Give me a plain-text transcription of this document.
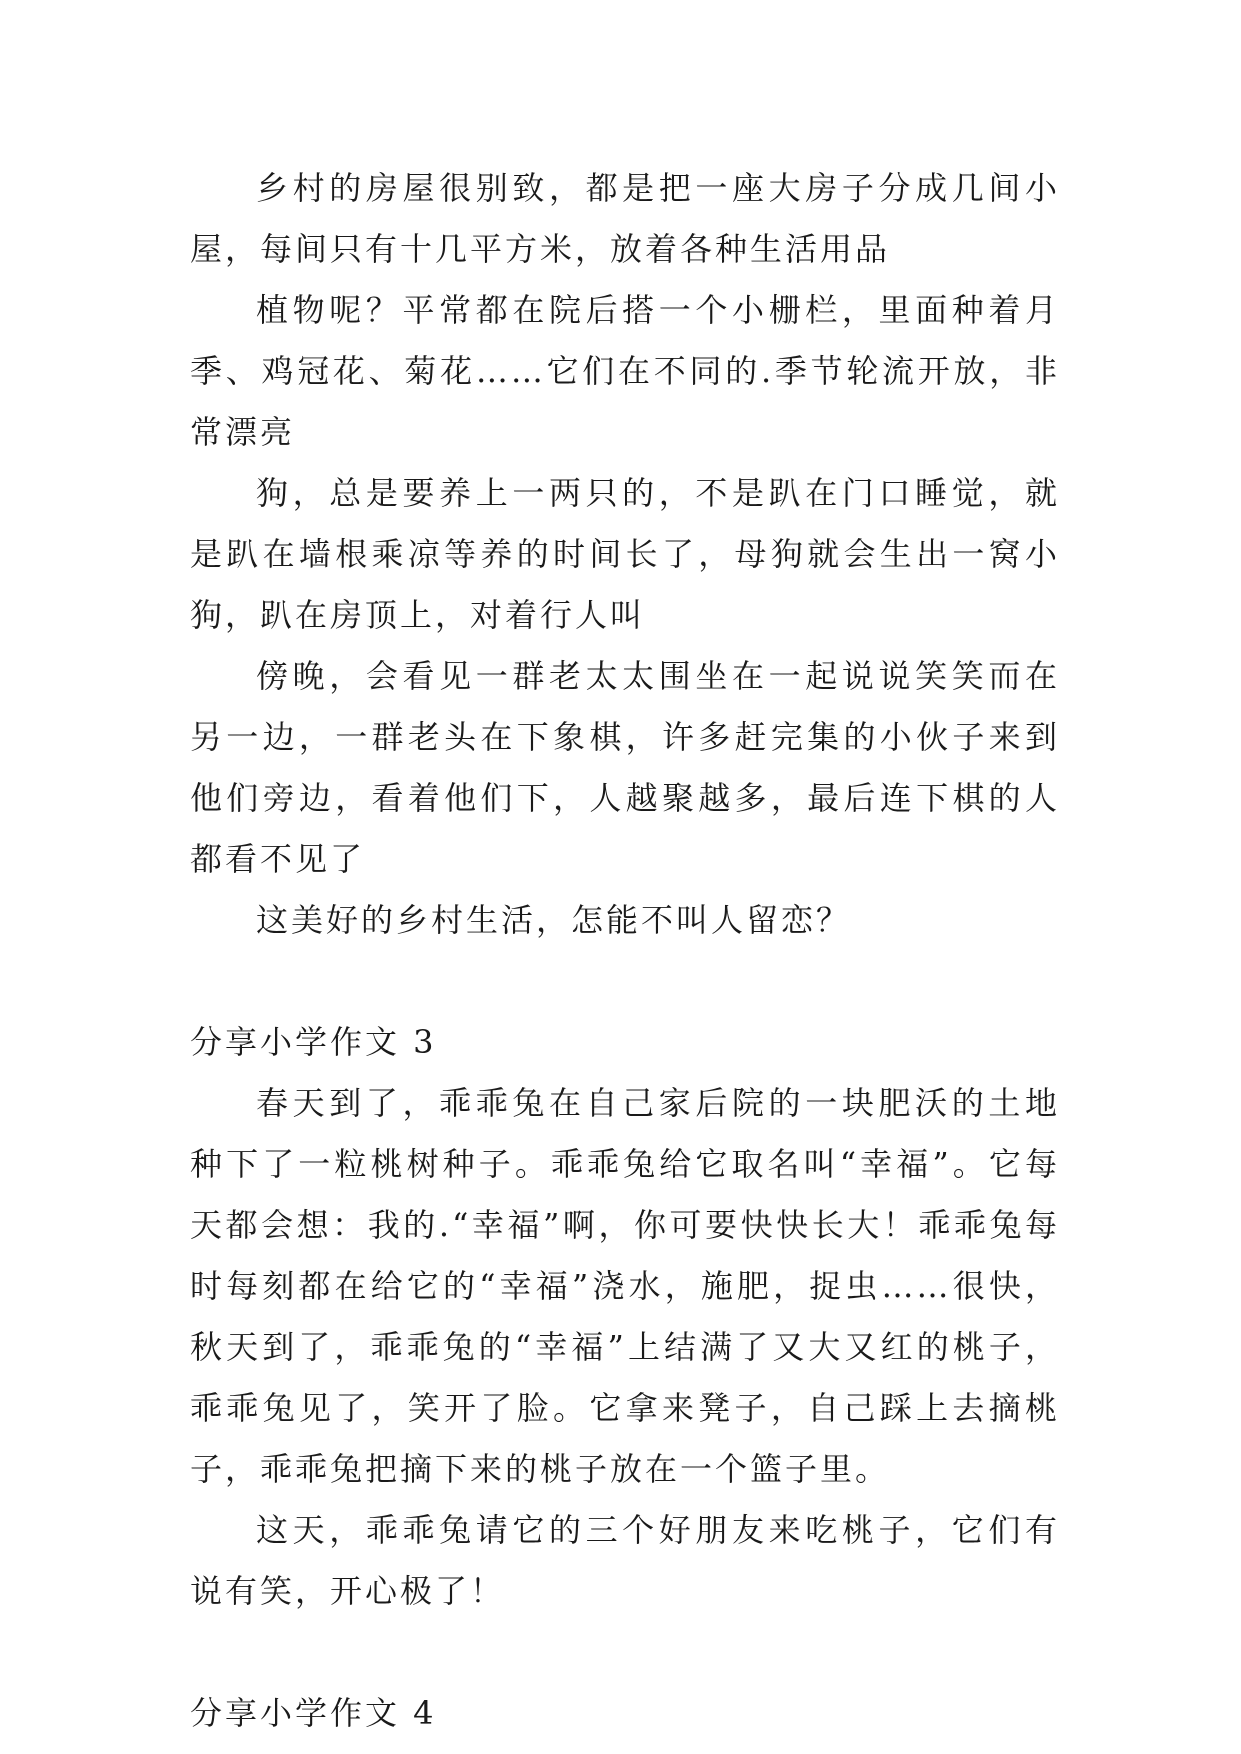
乡村的房屋很别致，都是把一座大房子分成几间小屋，每间只有十几平方米，放着各种生活用品

植物呢？平常都在院后搭一个小栅栏，里面种着月季、鸡冠花、菊花……它们在不同的.季节轮流开放，非常漂亮

狗，总是要养上一两只的，不是趴在门口睡觉，就是趴在墙根乘凉等养的时间长了，母狗就会生出一窝小狗，趴在房顶上，对着行人叫

傍晚，会看见一群老太太围坐在一起说说笑笑而在另一边，一群老头在下象棋，许多赶完集的小伙子来到他们旁边，看着他们下，人越聚越多，最后连下棋的人都看不见了

这美好的乡村生活，怎能不叫人留恋？

分享小学作文 3

春天到了，乖乖兔在自己家后院的一块肥沃的土地种下了一粒桃树种子。乖乖兔给它取名叫“幸福”。它每天都会想：我的.“幸福”啊，你可要快快长大！乖乖兔每时每刻都在给它的“幸福”浇水，施肥，捉虫……很快，秋天到了，乖乖兔的“幸福”上结满了又大又红的桃子，乖乖兔见了，笑开了脸。它拿来凳子，自己踩上去摘桃子，乖乖兔把摘下来的桃子放在一个篮子里。

这天，乖乖兔请它的三个好朋友来吃桃子，它们有说有笑，开心极了！

分享小学作文 4
